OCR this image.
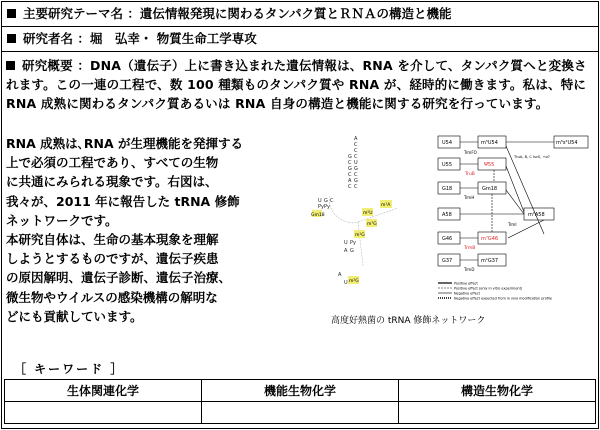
主要研究テーマ名 ：遺伝情報発現に関わるタンパク質とＲＮＡの構造と機能
研究者名 ：堀　弘幸・ 物質生命工学専攻
研究概要 ：DNA（遺伝子）上に書き込まれた遺伝情報は、RNA を介して、タンパク質へと変換されます。この一連の工程で、数 100 種類ものタンパク質や RNA が、経時的に働きます。私は、特に RNA 成熟に関わるタンパク質あるいは RNA 自身の構造と機能に関する研究を行っています。
RNA 成熟は､RNA が生理機能を発揮する
上で必須の工程であり、すべての生物
に共通にみられる現象です。右図は、
我々が、2011 年に報告した tRNA 修飾
ネットワークです。
本研究自体は、生命の基本現象を理解
しようとするものですが、遺伝子疾患
の原因解明、遺伝子診断、遺伝子治療、
微生物やウイルスの感染機構の解明な
どにも貢献しています。
A
C
C
G C
C U
G G
C C
A G
C C
U G C
Py Py
U Py
A G
A
U
Gm18
m¹A
m⁵U
m⁷G
m¹G
m²G
U54
U55
G18
A58
G46
G37
m⁵U54
Ψ55
Gm18
m¹A58
m⁷G46
m¹G37
m⁵s²U54
TtuA, B, C IscS, +α?
TrmFO
TruB
TrmH
TrmI
TrmB
TrmD
Positive effect
Positive effect (only in vitro experiment)
Negative effect
Negative effect expected from in vivo modification profile
高度好熱菌の tRNA 修飾ネットワーク
［ キーワード ］
生体関連化学	機能生物化学	構造生物化学
